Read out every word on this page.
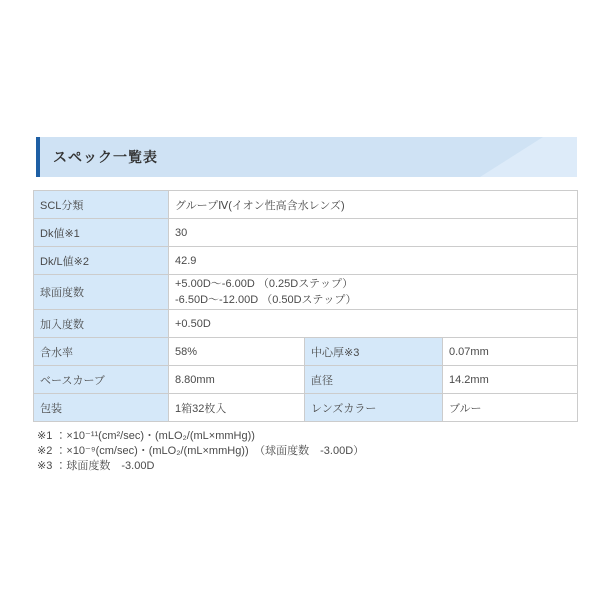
スペック一覧表
SCL分類	グループⅣ(イオン性高含水レンズ)		
Dk値※1	30		
Dk/L値※2	42.9		
球面度数	+5.00D～-6.00D （0.25Dステップ）
-6.50D～-12.00D （0.50Dステップ）		

加入度数	+0.50D		
含水率	58%	中心厚※3	0.07mm
ベースカーブ	8.80mm	直径	14.2mm
包装	1箱32枚入	レンズカラー	ブルー
※1 ：×10⁻¹¹(cm²/sec)・(mLO₂/(mL×mmHg))
※2 ：×10⁻⁹(cm/sec)・(mLO₂/(mL×mmHg))　（球面度数　-3.00D）
※3 ：球面度数　-3.00D
